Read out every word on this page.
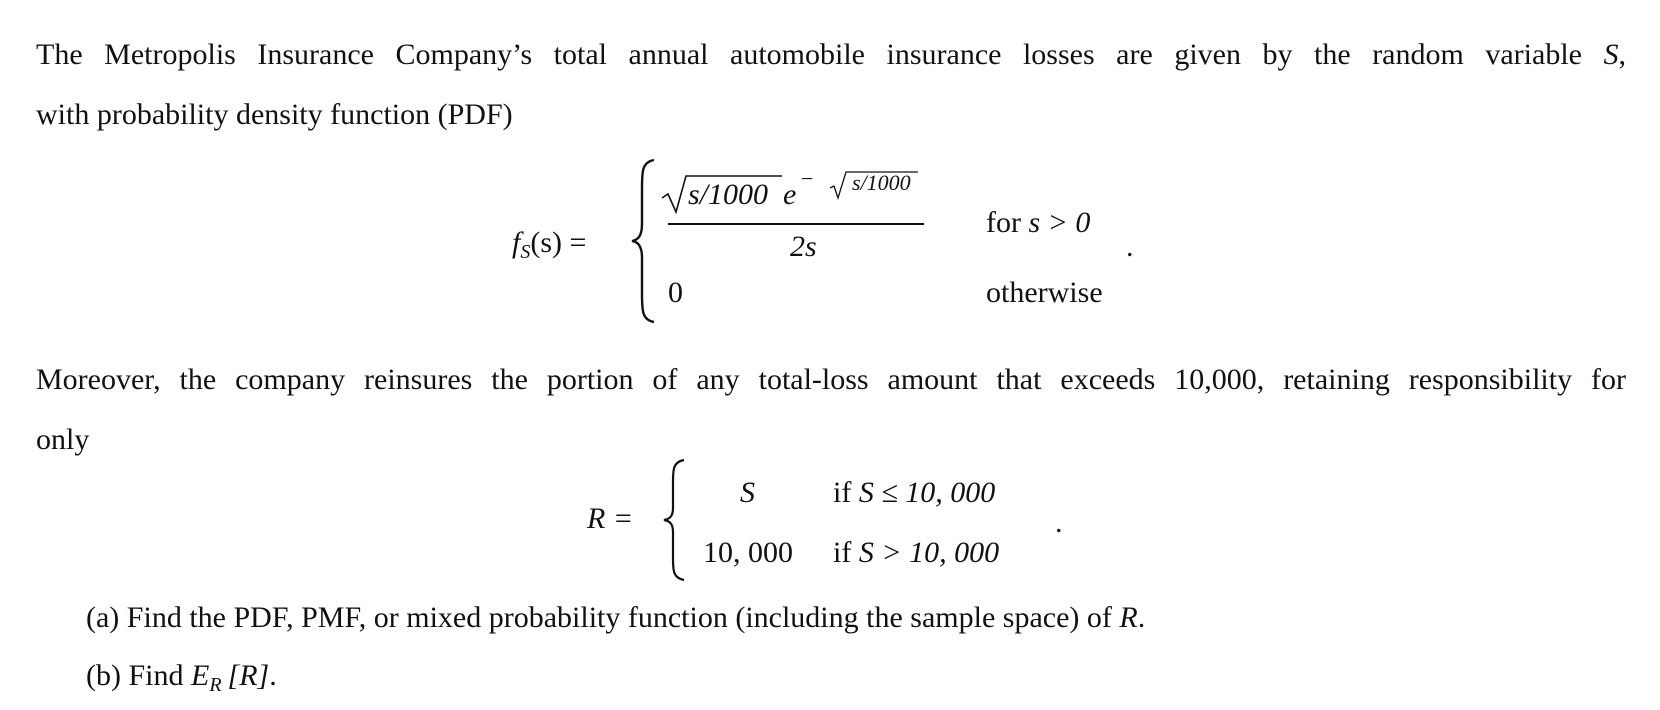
The Metropolis Insurance Company’s total annual automobile insurance losses are given by the random variable S,
with probability density function (PDF)

$f_S(s)$ =
s/1000 e − s/1000
2s
for s > 0
0	otherwise
.

Moreover, the company reinsures the portion of any total-loss amount that exceeds 10,000, retaining responsibility for
only

R =
S	if S ≤ 10, 000
10, 000 if S > 10, 000
.
(a) Find the PDF, PMF, or mixed probability function (including the sample space) of R.
(b) Find $E_R$ [R].
